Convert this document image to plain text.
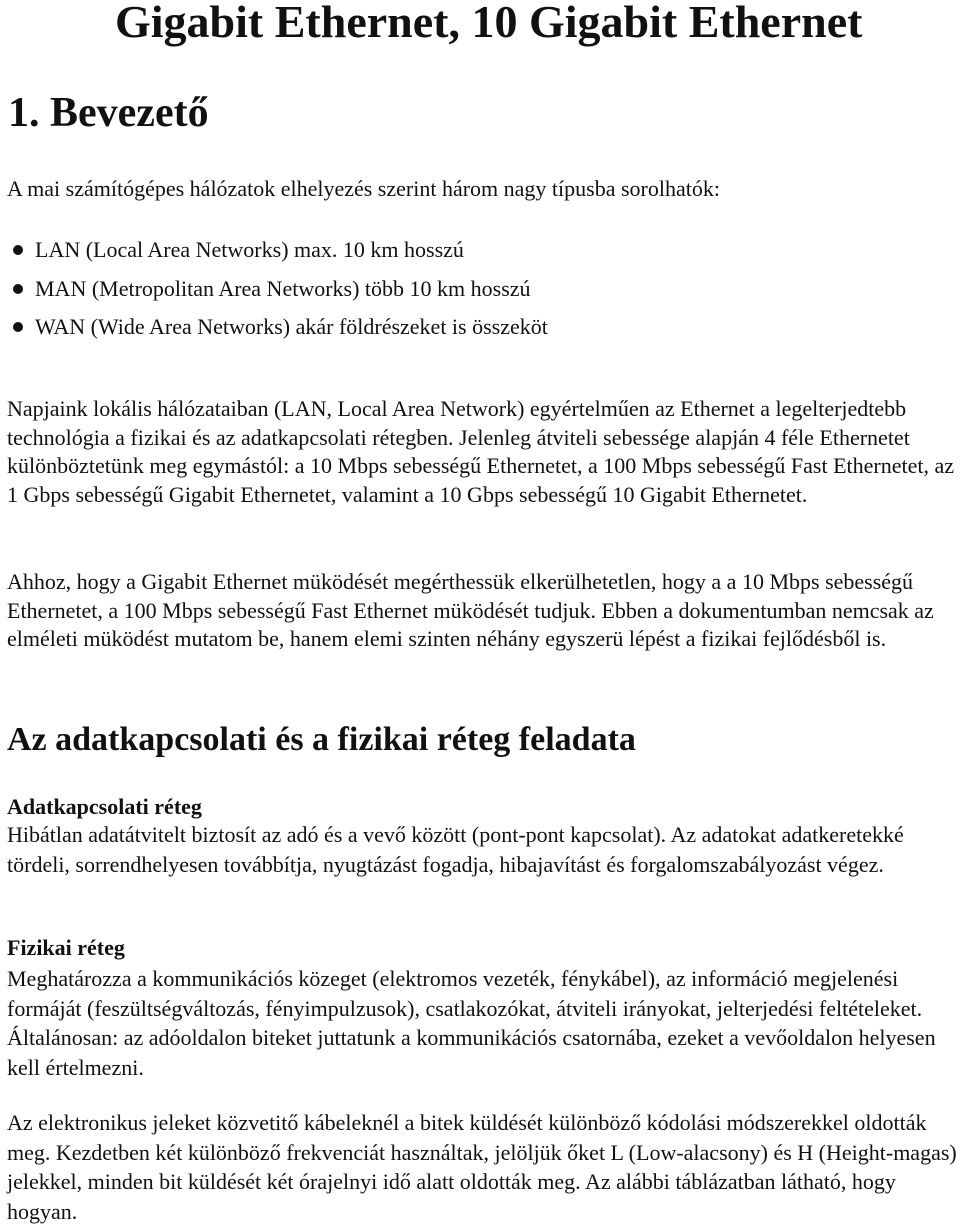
Gigabit Ethernet, 10 Gigabit Ethernet
1. Bevezető

A mai számítógépes hálózatok elhelyezés szerint három nagy típusba sorolhatók:

LAN (Local Area Networks) max. 10 km hosszú
MAN (Metropolitan Area Networks) több 10 km hosszú
WAN (Wide Area Networks) akár földrészeket is összeköt

Napjaink lokális hálózataiban (LAN, Local Area Network) egyértelműen az Ethernet a legelterjedtebb technológia a fizikai és az adatkapcsolati rétegben. Jelenleg átviteli sebessége alapján 4 féle Ethernetet különböztetünk meg egymástól: a 10 Mbps sebességű Ethernetet, a 100 Mbps sebességű Fast Ethernetet, az 1 Gbps sebességű Gigabit Ethernetet, valamint a 10 Gbps sebességű 10 Gigabit Ethernetet.

Ahhoz, hogy a Gigabit Ethernet müködését megérthessük elkerülhetetlen, hogy a a 10 Mbps sebességű Ethernetet, a 100 Mbps sebességű Fast Ethernet müködését tudjuk. Ebben a dokumentumban nemcsak az elméleti müködést mutatom be, hanem elemi szinten néhány egyszerü lépést a fizikai fejlődésből is.

Az adatkapcsolati és a fizikai réteg feladata
Adatkapcsolati réteg

Hibátlan adatátvitelt biztosít az adó és a vevő között (pont-pont kapcsolat). Az adatokat adatkeretekké tördeli, sorrendhelyesen továbbítja, nyugtázást fogadja, hibajavítást és forgalomszabályozást végez.

Fizikai réteg

Meghatározza a kommunikációs közeget (elektromos vezeték, fénykábel), az információ megjelenési formáját (feszültségváltozás, fényimpulzusok), csatlakozókat, átviteli irányokat, jelterjedési feltételeket. Általánosan: az adóoldalon biteket juttatunk a kommunikációs csatornába, ezeket a vevőoldalon helyesen kell értelmezni.

Az elektronikus jeleket közvetitő kábeleknél a bitek küldését különböző kódolási módszerekkel oldották meg. Kezdetben két különböző frekvenciát használtak, jelöljük őket L (Low-alacsony) és H (Height-magas) jelekkel, minden bit küldését két órajelnyi idő alatt oldották meg. Az alábbi táblázatban látható, hogy hogyan.
